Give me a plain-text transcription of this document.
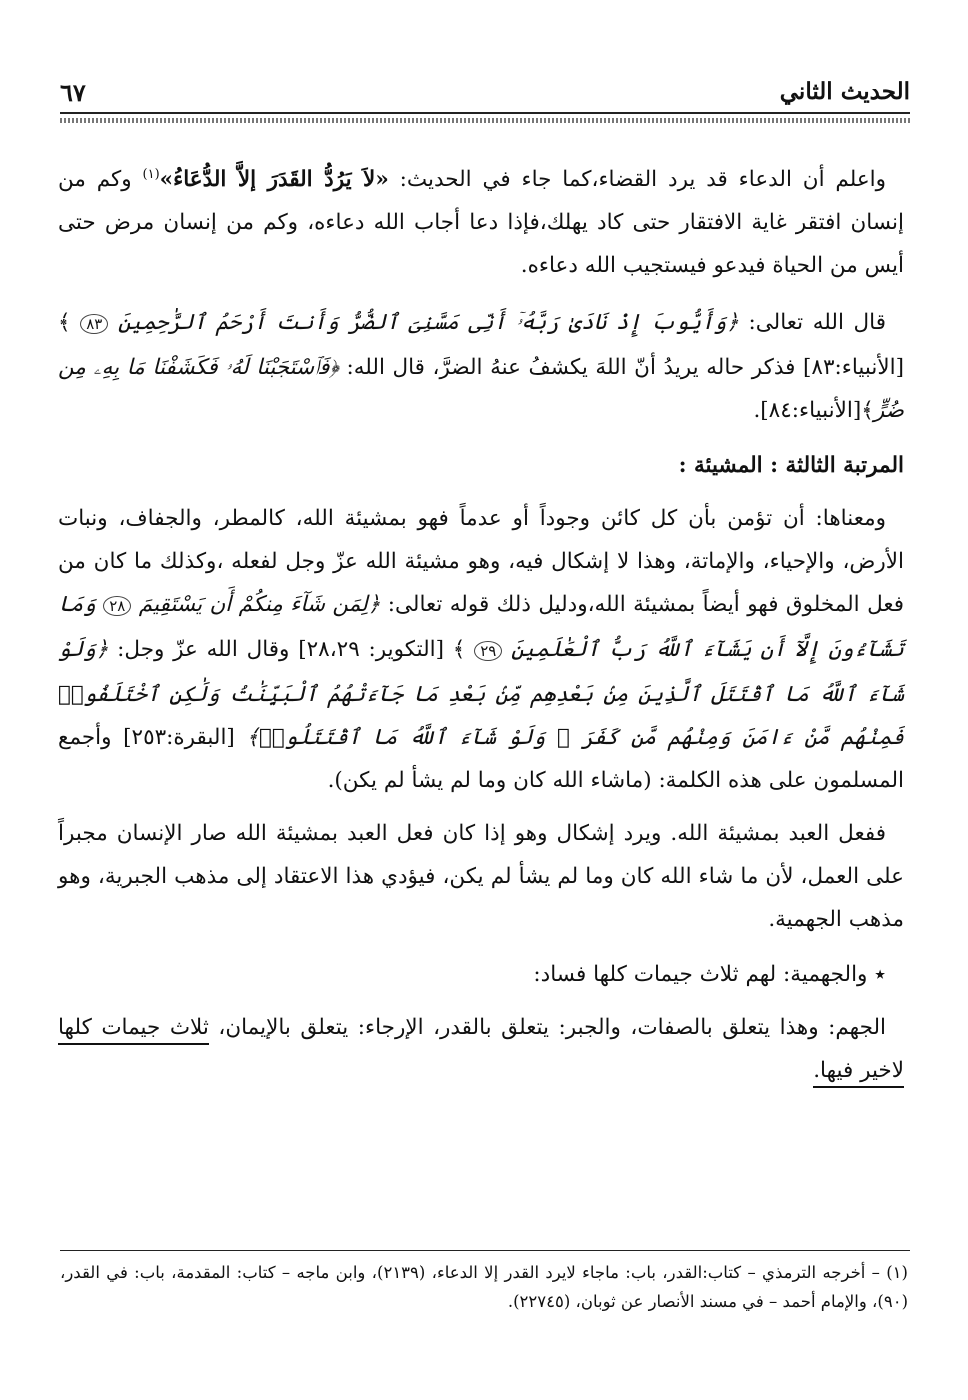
الحديث الثاني
٦٧

واعلم أن الدعاء قد يرد القضاء،كما جاء في الحديث: «لاَ يَرُدُّ القَدَرَ إلاَّ الدُّعَاءُ»$^{(١)}$ وكم من إنسان افتقر غاية الافتقار حتى كاد يهلك،فإذا دعا أجاب الله دعاءه، وكم من إنسان مرض حتى أيس من الحياة فيدعو فيستجيب الله دعاءه.

قال الله تعالى: ﴿وَأَيُّوبَ إِذْ نَادَىٰ رَبَّهُۥٓ أَنِّى مَسَّنِىَ ٱلضُّرُّ وَأَنتَ أَرْحَمُ ٱلرَّٰحِمِينَ ٨٣ ﴾ [الأنبياء:٨٣] فذكر حاله يريدُ أنّ اللهَ يكشفُ عنهُ الضرَّ، قال الله: ﴿فَٱسْتَجَبْنَا لَهُۥ فَكَشَفْنَا مَا بِهِۦ مِن ضُرٍّ﴾[الأنبياء:٨٤].

المرتبة الثالثة : المشيئة :

ومعناها: أن تؤمن بأن كل كائن وجوداً أو عدماً فهو بمشيئة الله، كالمطر، والجفاف، ونبات الأرض، والإحياء، والإماتة، وهذا لا إشكال فيه، وهو مشيئة الله عزّ وجل لفعله ،وكذلك ما كان من فعل المخلوق فهو أيضاً بمشيئة الله،ودليل ذلك قوله تعالى: ﴿لِمَن شَآءَ مِنكُمْ أَن يَسْتَقِيمَ ٢٨ وَمَا تَشَآءُونَ إِلَّآ أَن يَشَآءَ ٱللَّهُ رَبُّ ٱلْعَٰلَمِينَ ٢٩ ﴾ [التكوير: ٢٨،٢٩] وقال الله عزّ وجل: ﴿وَلَوْ شَآءَ ٱللَّهُ مَا ٱقْتَتَلَ ٱلَّذِينَ مِنۢ بَعْدِهِم مِّنۢ بَعْدِ مَا جَآءَتْهُمُ ٱلْبَيِّنَٰتُ وَلَٰكِنِ ٱخْتَلَفُوا۟ فَمِنْهُم مَّنْ ءَامَنَ وَمِنْهُم مَّن كَفَرَ ۚ وَلَوْ شَآءَ ٱللَّهُ مَا ٱقْتَتَلُوا۟﴾ [البقرة:٢٥٣] وأجمع المسلمون على هذه الكلمة: (ماشاء الله كان وما لم يشأ لم يكن).

ففعل العبد بمشيئة الله. ويرد إشكال وهو إذا كان فعل العبد بمشيئة الله صار الإنسان مجبراً على العمل، لأن ما شاء الله كان وما لم يشأ لم يكن، فيؤدي هذا الاعتقاد إلى مذهب الجبرية، وهو مذهب الجهمية.

٭ والجهمية: لهم ثلاث جيمات كلها فساد:

الجهم: وهذا يتعلق بالصفات، والجبر: يتعلق بالقدر، الإرجاء: يتعلق بالإيمان، ثلاث جيمات كلها لاخير فيها.

(١) – أخرجه الترمذي – كتاب:القدر، باب: ماجاء لايرد القدر إلا الدعاء، (٢١٣٩)، وابن ماجه – كتاب: المقدمة، باب: في القدر، (٩٠)، والإمام أحمد – في مسند الأنصار عن ثوبان، (٢٢٧٤٥).
